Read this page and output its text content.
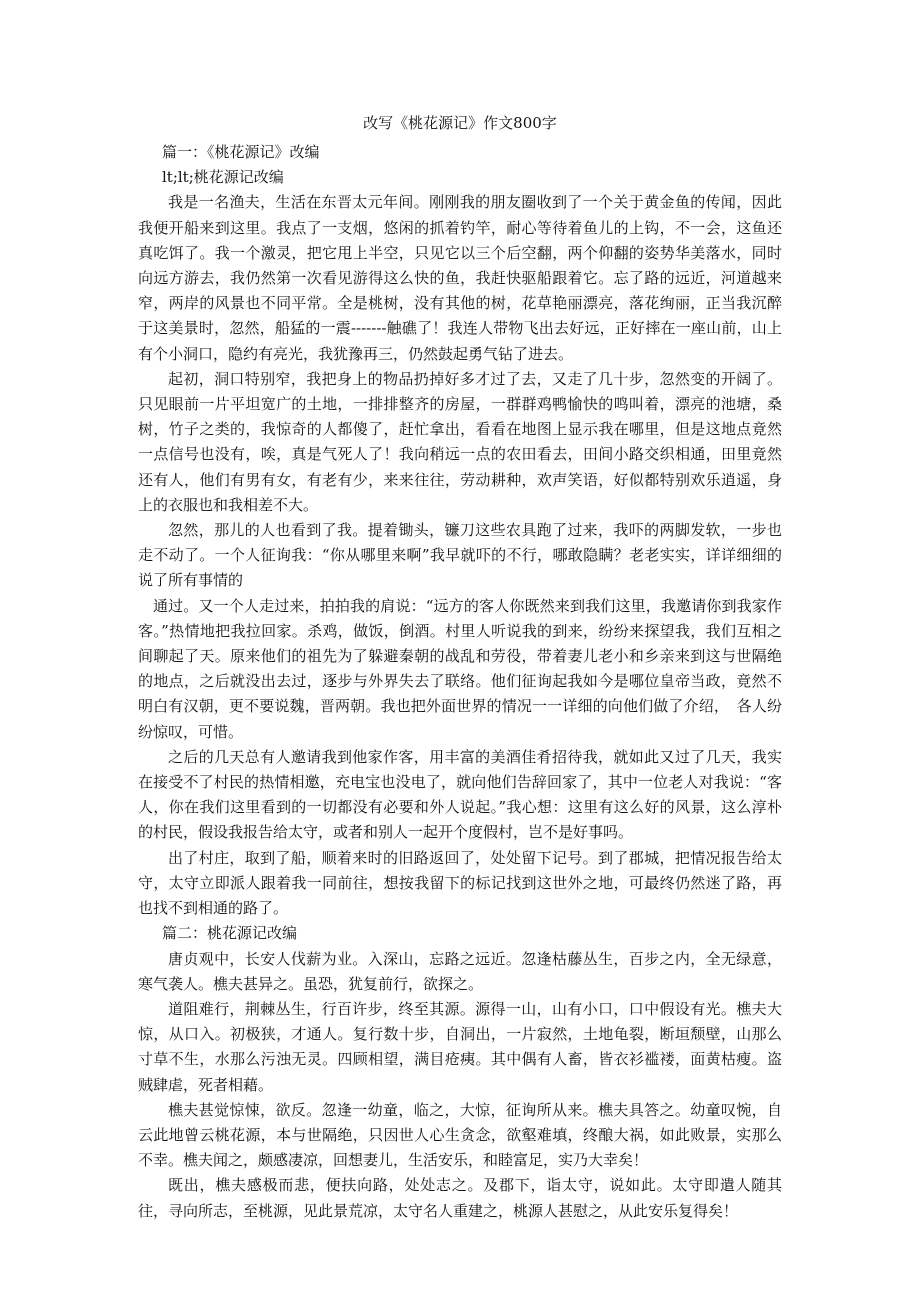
改写《桃花源记》作文800字

篇一：《桃花源记》改编

lt;lt;桃花源记改编

我是一名渔夫，生活在东晋太元年间。刚刚我的朋友圈收到了一个关于黄金鱼的传闻，因此我便开船来到这里。我点了一支烟，悠闲的抓着钓竿，耐心等待着鱼儿的上钩，不一会，这鱼还真吃饵了。我一个激灵，把它甩上半空，只见它以三个后空翻，两个仰翻的姿势华美落水，同时向远方游去，我仍然第一次看见游得这么快的鱼，我赶快驱船跟着它。忘了路的远近，河道越来窄，两岸的风景也不同平常。全是桃树，没有其他的树，花草艳丽漂亮，落花绚丽，正当我沉醉于这美景时，忽然，船猛的一震-------触礁了！我连人带物飞出去好远，正好摔在一座山前，山上有个小洞口，隐约有亮光，我犹豫再三，仍然鼓起勇气钻了进去。

起初，洞口特别窄，我把身上的物品扔掉好多才过了去，又走了几十步，忽然变的开阔了。只见眼前一片平坦宽广的土地，一排排整齐的房屋，一群群鸡鸭愉快的鸣叫着，漂亮的池塘，桑树，竹子之类的，我惊奇的人都傻了，赶忙拿出，看看在地图上显示我在哪里，但是这地点竟然一点信号也没有，唉，真是气死人了！我向稍远一点的农田看去，田间小路交织相通，田里竟然还有人，他们有男有女，有老有少，来来往往，劳动耕种，欢声笑语，好似都特别欢乐逍遥，身上的衣服也和我相差不大。

忽然，那儿的人也看到了我。提着锄头，镰刀这些农具跑了过来，我吓的两脚发软，一步也走不动了。一个人征询我：“你从哪里来啊”我早就吓的不行，哪敢隐瞒？老老实实，详详细细的说了所有事情的

通过。又一个人走过来，拍拍我的肩说：“远方的客人你既然来到我们这里，我邀请你到我家作客。”热情地把我拉回家。杀鸡，做饭，倒酒。村里人听说我的到来，纷纷来探望我，我们互相之间聊起了天。原来他们的祖先为了躲避秦朝的战乱和劳役，带着妻儿老小和乡亲来到这与世隔绝的地点，之后就没出去过，逐步与外界失去了联络。他们征询起我如今是哪位皇帝当政，竟然不明白有汉朝，更不要说魏，晋两朝。我也把外面世界的情况一一详细的向他们做了介绍，　各人纷纷惊叹，可惜。

之后的几天总有人邀请我到他家作客，用丰富的美酒佳肴招待我，就如此又过了几天，我实在接受不了村民的热情相邀，充电宝也没电了，就向他们告辞回家了，其中一位老人对我说：“客人，你在我们这里看到的一切都没有必要和外人说起。”我心想：这里有这么好的风景，这么淳朴的村民，假设我报告给太守，或者和别人一起开个度假村，岂不是好事吗。

出了村庄，取到了船，顺着来时的旧路返回了，处处留下记号。到了郡城，把情况报告给太守，太守立即派人跟着我一同前往，想按我留下的标记找到这世外之地，可最终仍然迷了路，再也找不到相通的路了。

篇二：桃花源记改编

唐贞观中，长安人伐薪为业。入深山，忘路之远近。忽逢枯藤丛生，百步之内，全无绿意，寒气袭人。樵夫甚异之。虽恐，犹复前行，欲探之。

道阻难行，荆棘丛生，行百许步，终至其源。源得一山，山有小口，口中假设有光。樵夫大惊，从口入。初极狭，才通人。复行数十步，自洞出，一片寂然，土地龟裂，断垣颓壁，山那么寸草不生，水那么污浊无灵。四顾相望，满目疮痍。其中偶有人畜，皆衣衫褴褛，面黄枯瘦。盗贼肆虐，死者相藉。

樵夫甚觉惊悚，欲反。忽逢一幼童，临之，大惊，征询所从来。樵夫具答之。幼童叹惋，自云此地曾云桃花源，本与世隔绝，只因世人心生贪念，欲壑难填，终酿大祸，如此败景，实那么不幸。樵夫闻之，颇感凄凉，回想妻儿，生活安乐，和睦富足，实乃大幸矣！

既出，樵夫感极而悲，便扶向路，处处志之。及郡下，诣太守，说如此。太守即遣人随其往，寻向所志，至桃源，见此景荒凉，太守名人重建之，桃源人甚慰之，从此安乐复得矣！
